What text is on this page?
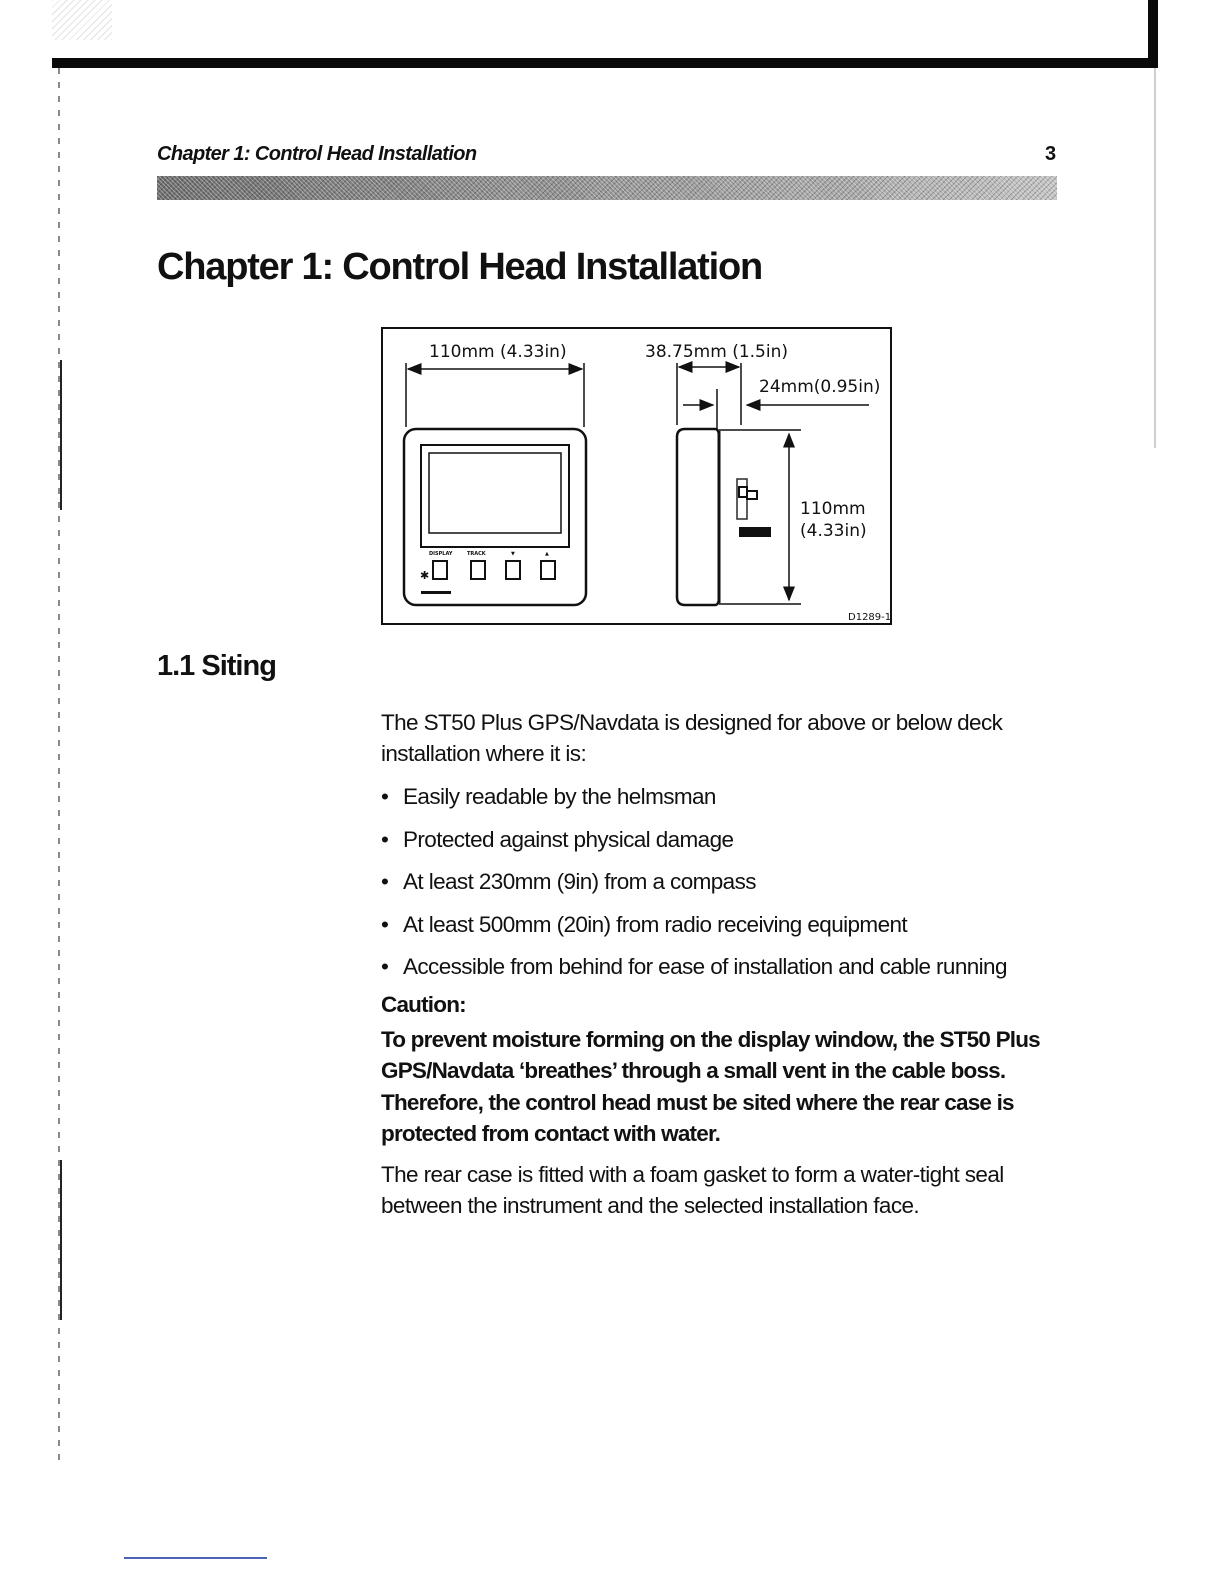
Chapter 1: Control Head Installation	3
Chapter 1: Control Head Installation
110mm (4.33in)
DISPLAY	TRACK	▼	▲
✱
38.75mm (1.5in)
24mm(0.95in)
110mm
(4.33in)
D1289-1
1.1 Siting

The ST50 Plus GPS/Navdata is designed for above or below deck installation where it is:

• Easily readable by the helmsman
• Protected against physical damage
• At least 230mm (9in) from a compass
• At least 500mm (20in) from radio receiving equipment
• Accessible from behind for ease of installation and cable running

Caution:

To prevent moisture forming on the display window, the ST50 Plus GPS/Navdata ‘breathes’ through a small vent in the cable boss. Therefore, the control head must be sited where the rear case is protected from contact with water.

The rear case is fitted with a foam gasket to form a water-tight seal between the instrument and the selected installation face.
